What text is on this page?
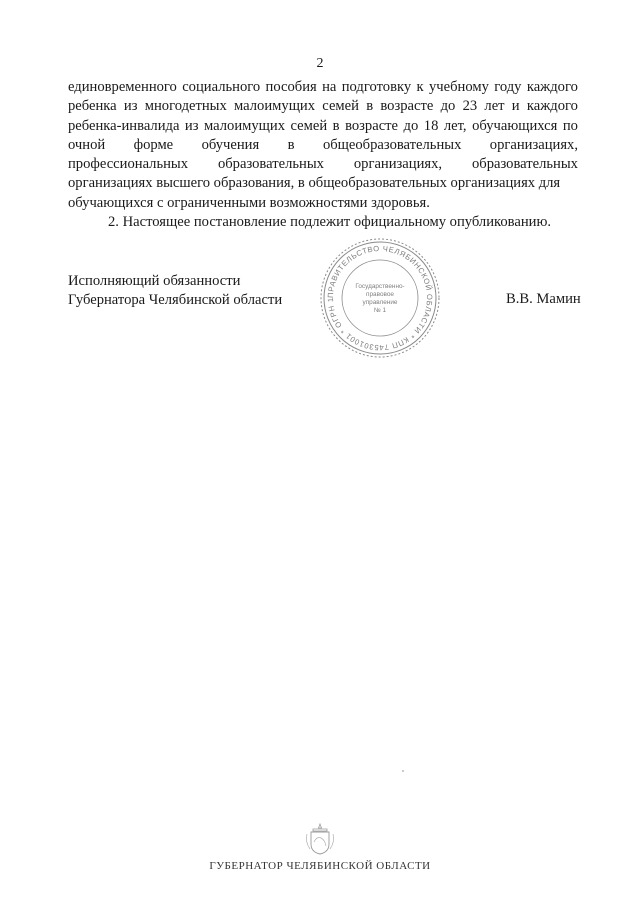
2
единовременного социального пособия на подготовку к учебному году каждого
ребенка из многодетных малоимущих семей в возрасте до 23 лет и каждого
ребенка-инвалида из малоимущих семей в возрасте до 18 лет, обучающихся по
очной форме обучения в общеобразовательных организациях,
профессиональных образовательных организациях, образовательных
организациях высшего образования, в общеобразовательных организациях для
обучающихся с ограниченными возможностями здоровья.
2. Настоящее постановление подлежит официальному опубликованию.
Исполняющий обязанности
Губернатора Челябинской области	В.В. Мамин
ПРАВИТЕЛЬСТВО ЧЕЛЯБИНСКОЙ ОБЛАСТИ * КПП 745301001 * ОГРН 1
Государственно-
правовое
управление
№ 1
ГУБЕРНАТОР ЧЕЛЯБИНСКОЙ ОБЛАСТИ
